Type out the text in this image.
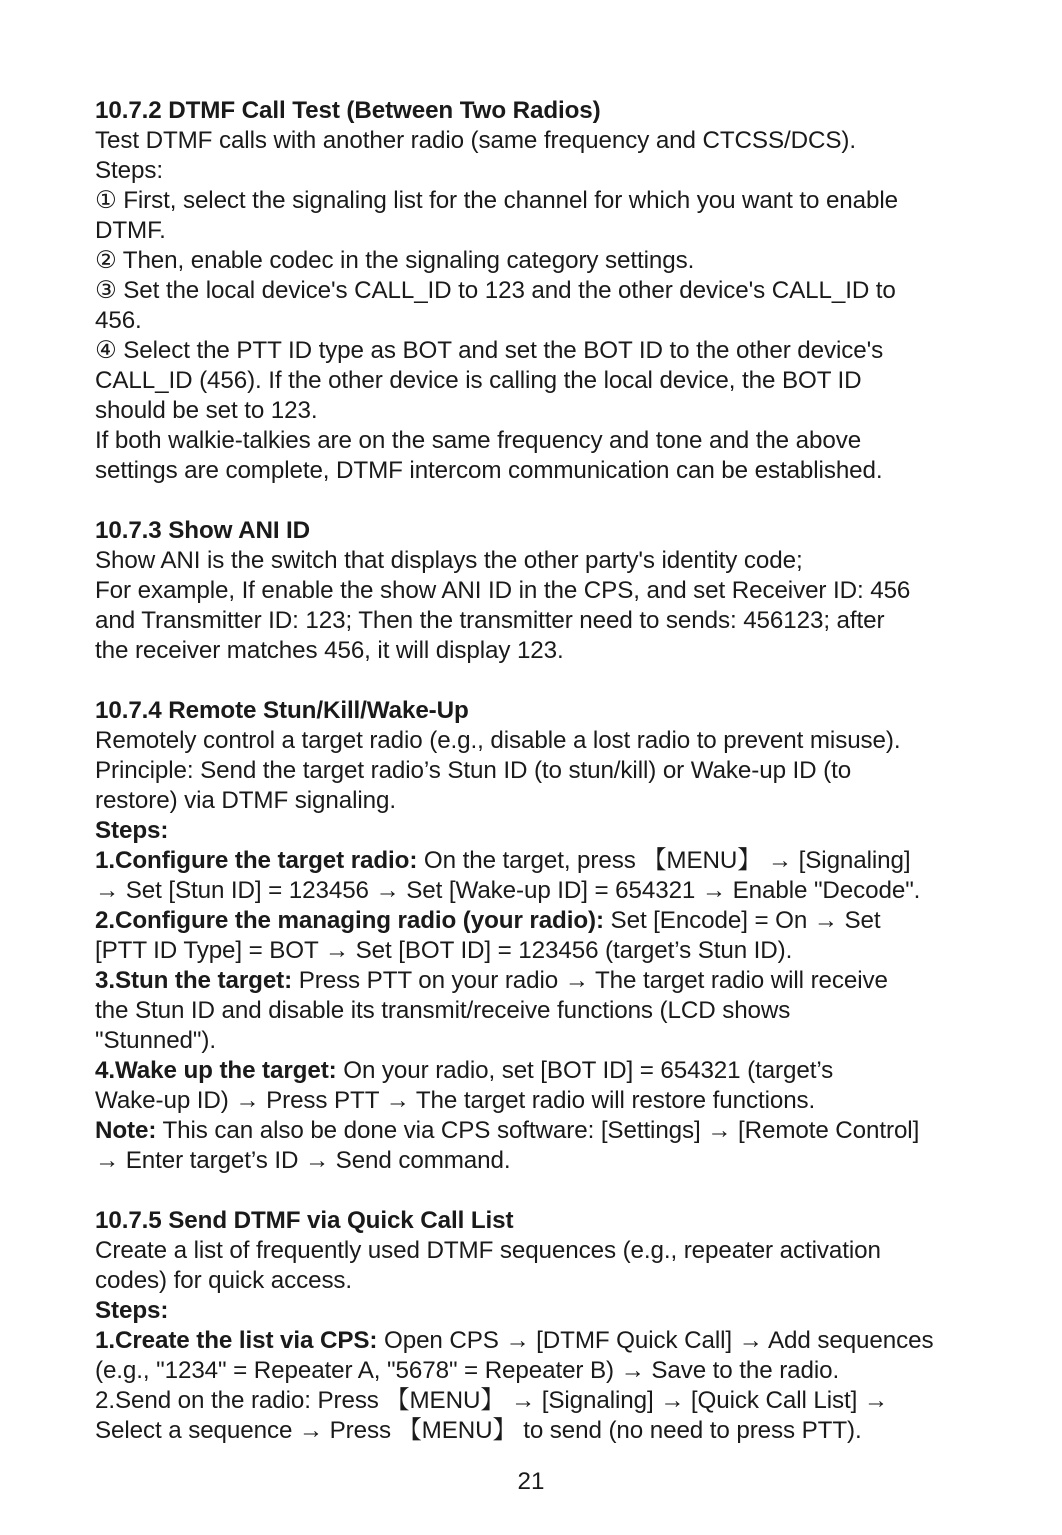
10.7.2 DTMF Call Test (Between Two Radios)
Test DTMF calls with another radio (same frequency and CTCSS/DCS).
Steps:
① First, select the signaling list for the channel for which you want to enable
DTMF.
② Then, enable codec in the signaling category settings.
③ Set the local device's CALL_ID to 123 and the other device's CALL_ID to
456.
④ Select the PTT ID type as BOT and set the BOT ID to the other device's
CALL_ID (456). If the other device is calling the local device, the BOT ID
should be set to 123.
If both walkie-talkies are on the same frequency and tone and the above
settings are complete, DTMF intercom communication can be established.
10.7.3 Show ANI ID
Show ANI is the switch that displays the other party's identity code;
For example, If enable the show ANI ID in the CPS, and set Receiver ID: 456
and Transmitter ID: 123; Then the transmitter need to sends: 456123; after
the receiver matches 456, it will display 123.
10.7.4 Remote Stun/Kill/Wake-Up
Remotely control a target radio (e.g., disable a lost radio to prevent misuse).
Principle: Send the target radio’s Stun ID (to stun/kill) or Wake-up ID (to
restore) via DTMF signaling.
Steps:
1.Configure the target radio: On the target, press 【MENU】 → [Signaling]
→ Set [Stun ID] = 123456 → Set [Wake-up ID] = 654321 → Enable "Decode".
2.Configure the managing radio (your radio): Set [Encode] = On → Set
[PTT ID Type] = BOT → Set [BOT ID] = 123456 (target’s Stun ID).
3.Stun the target: Press PTT on your radio → The target radio will receive
the Stun ID and disable its transmit/receive functions (LCD shows
"Stunned").
4.Wake up the target: On your radio, set [BOT ID] = 654321 (target’s
Wake-up ID) → Press PTT → The target radio will restore functions.
Note: This can also be done via CPS software: [Settings] → [Remote Control]
→ Enter target’s ID → Send command.
10.7.5 Send DTMF via Quick Call List
Create a list of frequently used DTMF sequences (e.g., repeater activation
codes) for quick access.
Steps:
1.Create the list via CPS: Open CPS → [DTMF Quick Call] → Add sequences
(e.g., "1234" = Repeater A, "5678" = Repeater B) → Save to the radio.
2.Send on the radio: Press 【MENU】 → [Signaling] → [Quick Call List] →
Select a sequence → Press 【MENU】 to send (no need to press PTT).
21
